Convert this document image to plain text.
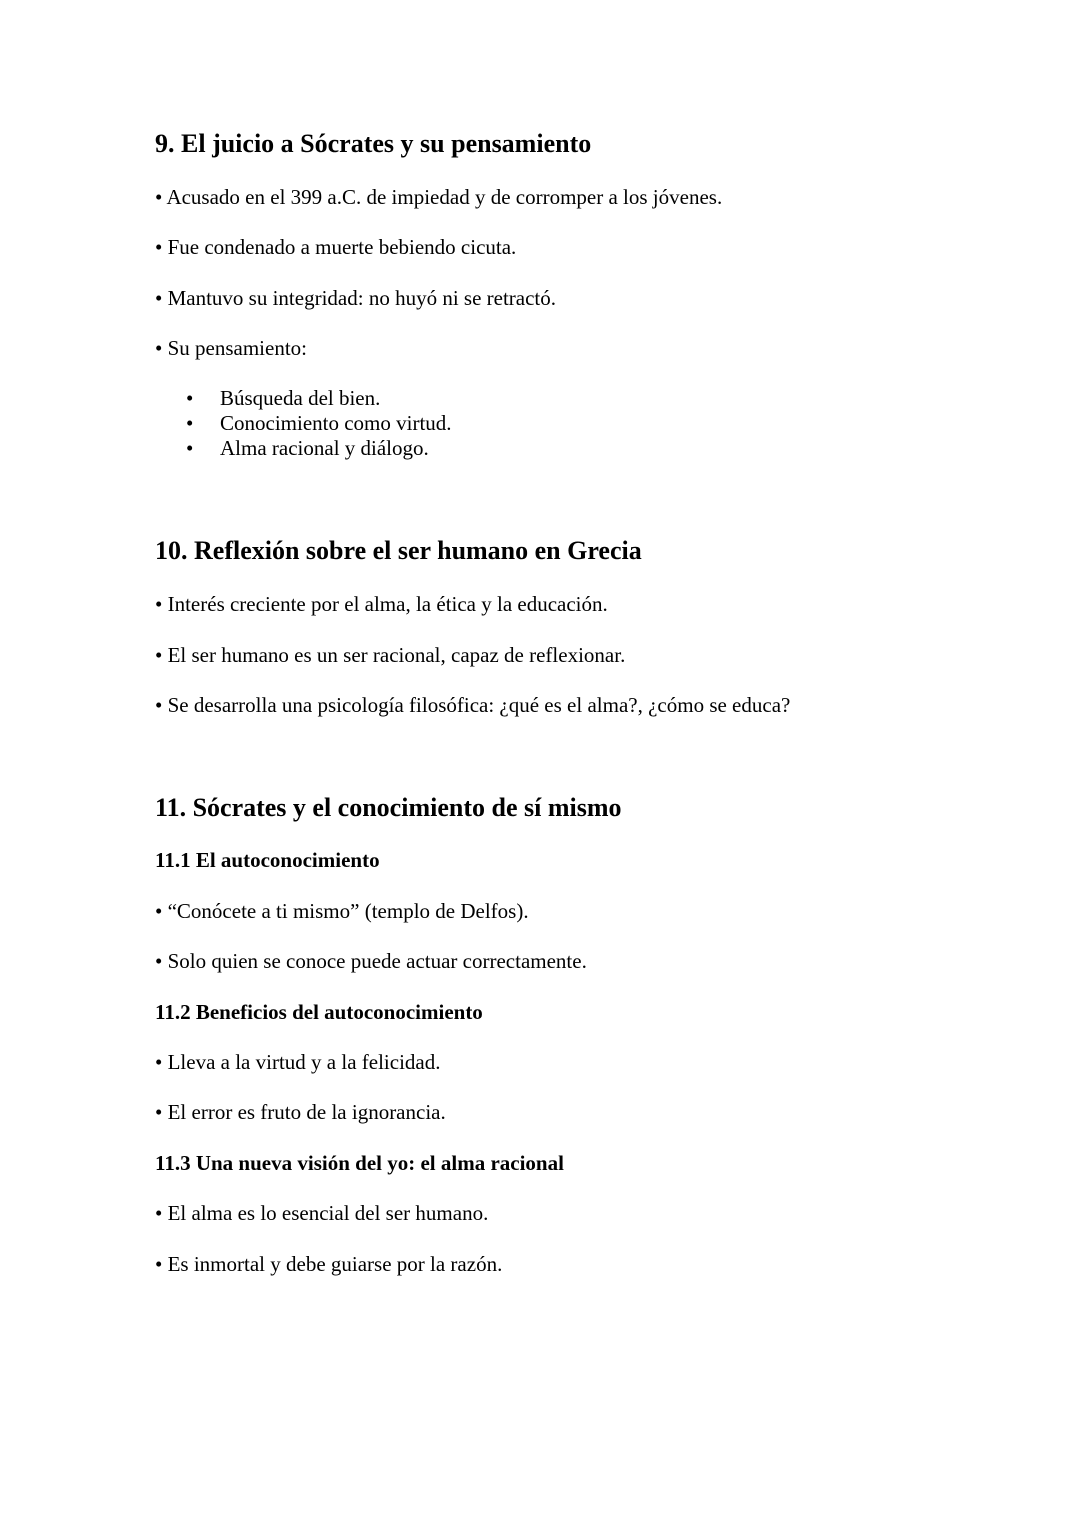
9. El juicio a Sócrates y su pensamiento

• Acusado en el 399 a.C. de impiedad y de corromper a los jóvenes.

• Fue condenado a muerte bebiendo cicuta.

• Mantuvo su integridad: no huyó ni se retractó.

• Su pensamiento:

• Búsqueda del bien.
• Conocimiento como virtud.
• Alma racional y diálogo.
10. Reflexión sobre el ser humano en Grecia

• Interés creciente por el alma, la ética y la educación.

• El ser humano es un ser racional, capaz de reflexionar.

• Se desarrolla una psicología filosófica: ¿qué es el alma?, ¿cómo se educa?

11. Sócrates y el conocimiento de sí mismo
11.1 El autoconocimiento

• “Conócete a ti mismo” (templo de Delfos).

• Solo quien se conoce puede actuar correctamente.

11.2 Beneficios del autoconocimiento

• Lleva a la virtud y a la felicidad.

• El error es fruto de la ignorancia.

11.3 Una nueva visión del yo: el alma racional

• El alma es lo esencial del ser humano.

• Es inmortal y debe guiarse por la razón.
